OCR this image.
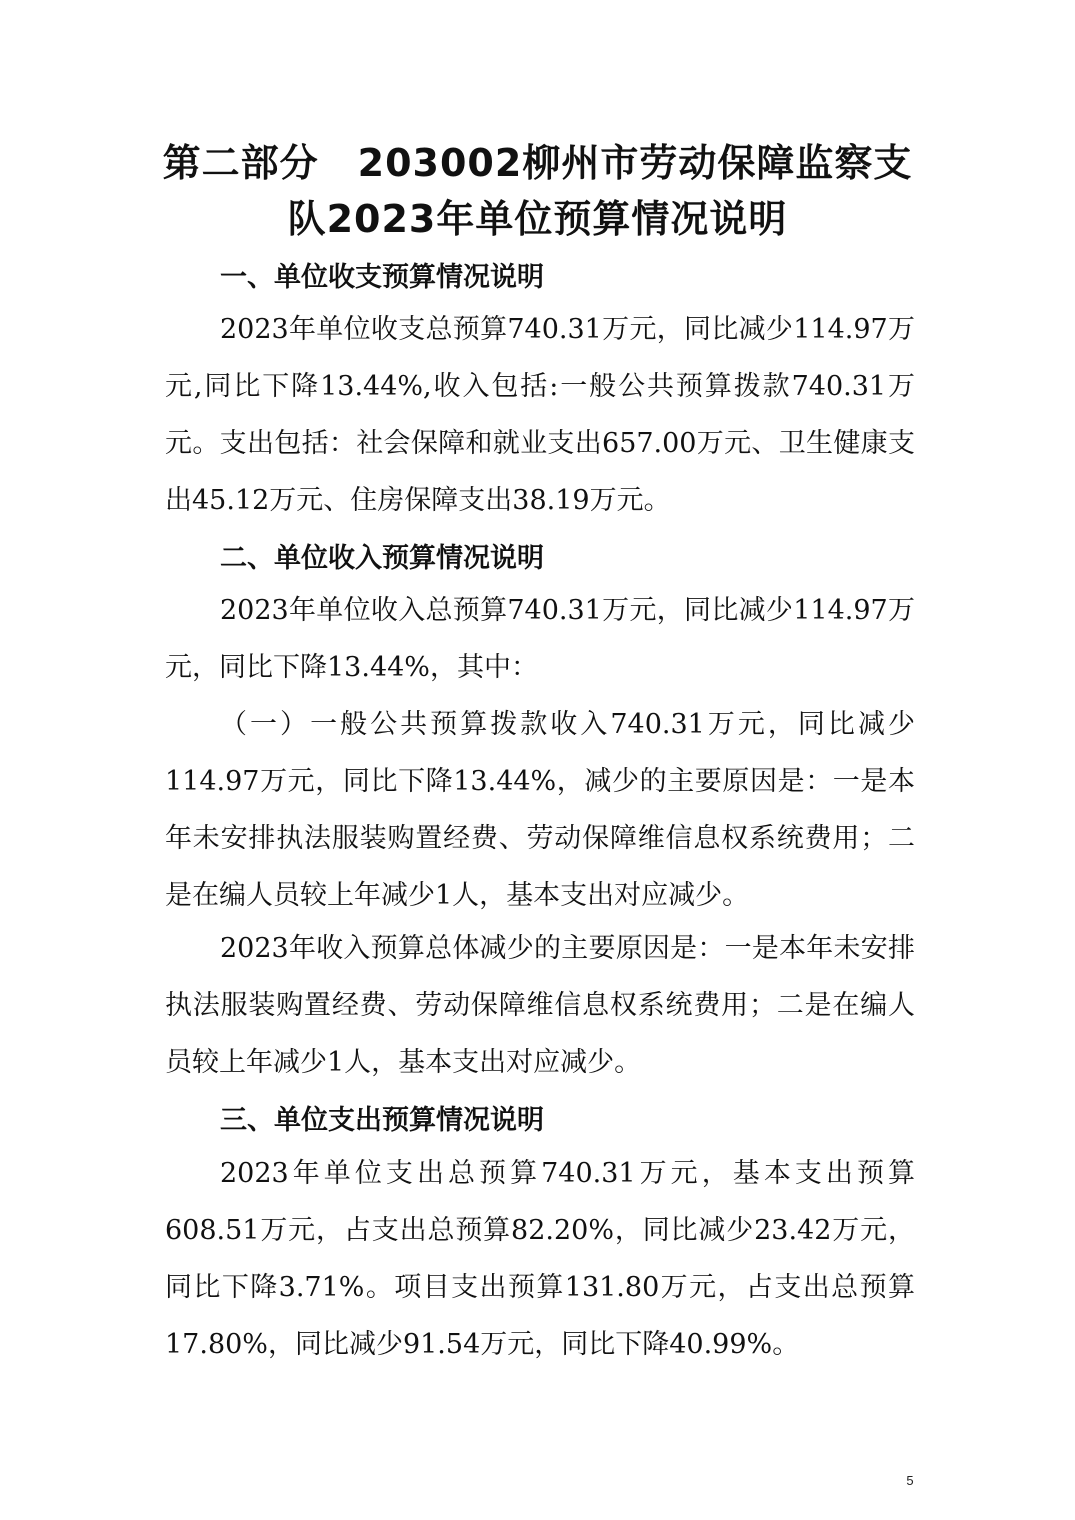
第二部分　203002柳州市劳动保障监察支
队2023年单位预算情况说明
一、单位收支预算情况说明
2023年单位收支总预算740.31万元，同比减少114.97万元,同比下降13.44%,收入包括:一般公共预算拨款740.31万元。支出包括：社会保障和就业支出657.00万元、卫生健康支出45.12万元、住房保障支出38.19万元。
二、单位收入预算情况说明
2023年单位收入总预算740.31万元，同比减少114.97万元，同比下降13.44%，其中：
（一）一般公共预算拨款收入740.31万元，同比减少114.97万元，同比下降13.44%，减少的主要原因是：一是本年未安排执法服装购置经费、劳动保障维信息权系统费用；二是在编人员较上年减少1人，基本支出对应减少。
2023年收入预算总体减少的主要原因是：一是本年未安排执法服装购置经费、劳动保障维信息权系统费用；二是在编人员较上年减少1人，基本支出对应减少。
三、单位支出预算情况说明
2023年单位支出总预算740.31万元，基本支出预算608.51万元，占支出总预算82.20%，同比减少23.42万元，同比下降3.71%。项目支出预算131.80万元，占支出总预算17.80%，同比减少91.54万元，同比下降40.99%。
5
